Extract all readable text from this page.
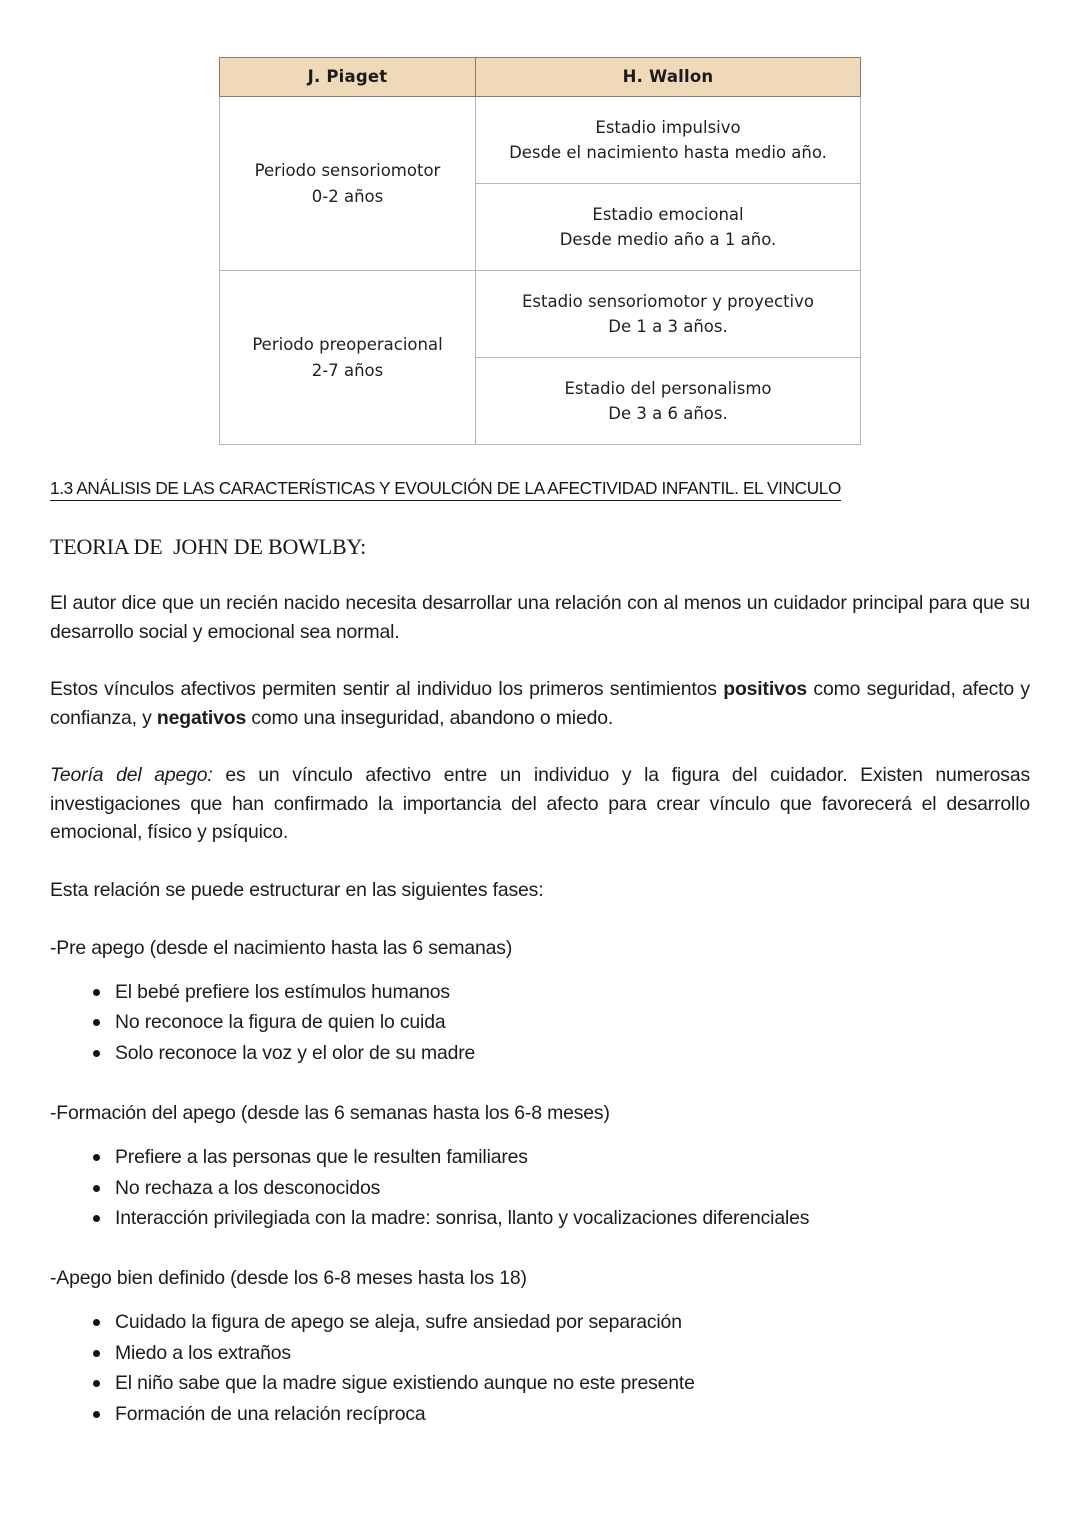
J. Piaget	H. Wallon

Periodo sensoriomotor
0-2 años	Estadio impulsivo
Desde el nacimiento hasta medio año.

	Estadio emocional
Desde medio año a 1 año.

Periodo preoperacional
2-7 años	Estadio sensoriomotor y proyectivo
De 1 a 3 años.

	Estadio del personalismo
De 3 a 6 años.
1.3 ANÁLISIS DE LAS CARACTERÍSTICAS Y EVOULCIÓN DE LA AFECTIVIDAD INFANTIL. EL VINCULO

TEORIA DE  JOHN DE BOWLBY:

El autor dice que un recién nacido necesita desarrollar una relación con al menos un cuidador principal para que su desarrollo social y emocional sea normal.

Estos vínculos afectivos permiten sentir al individuo los primeros sentimientos positivos como seguridad, afecto y confianza, y negativos como una inseguridad, abandono o miedo.

Teoría del apego: es un vínculo afectivo entre un individuo y la figura del cuidador. Existen numerosas investigaciones que han confirmado la importancia del afecto para crear vínculo que favorecerá el desarrollo emocional, físico y psíquico.

Esta relación se puede estructurar en las siguientes fases:

-Pre apego (desde el nacimiento hasta las 6 semanas)

El bebé prefiere los estímulos humanos
No reconoce la figura de quien lo cuida
Solo reconoce la voz y el olor de su madre

-Formación del apego (desde las 6 semanas hasta los 6-8 meses)

Prefiere a las personas que le resulten familiares
No rechaza a los desconocidos
Interacción privilegiada con la madre: sonrisa, llanto y vocalizaciones diferenciales

-Apego bien definido (desde los 6-8 meses hasta los 18)

Cuidado la figura de apego se aleja, sufre ansiedad por separación
Miedo a los extraños
El niño sabe que la madre sigue existiendo aunque no este presente
Formación de una relación recíproca
